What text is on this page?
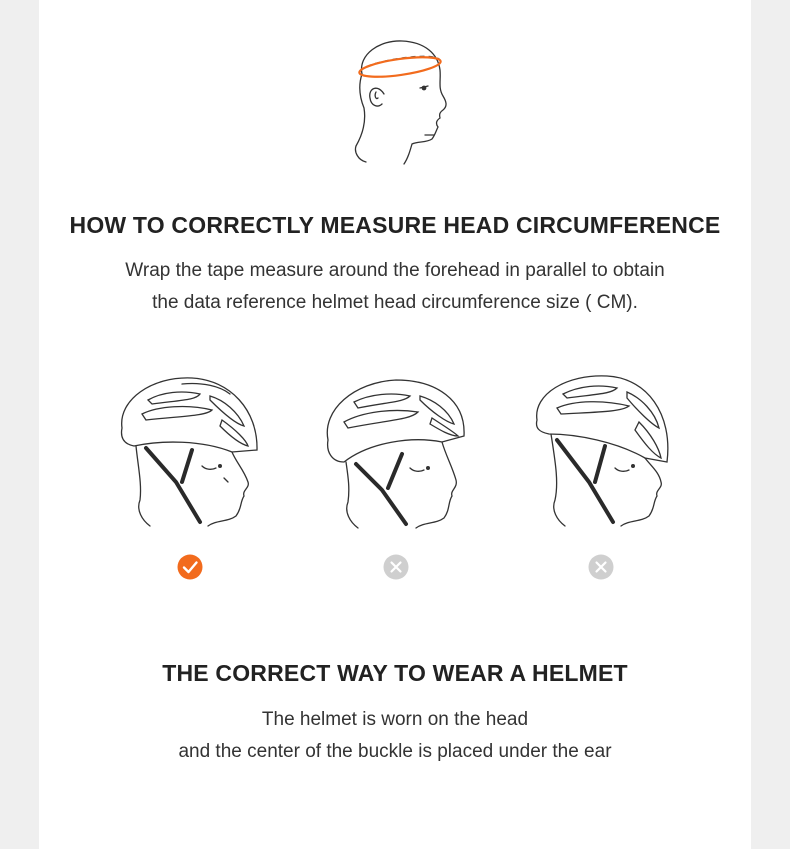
HOW TO CORRECTLY MEASURE HEAD CIRCUMFERENCE
Wrap the tape measure around the forehead in parallel to obtain
the data reference helmet head circumference size ( CM).
THE CORRECT WAY TO WEAR A HELMET
The helmet is worn on the head
and the center of the buckle is placed under the ear
